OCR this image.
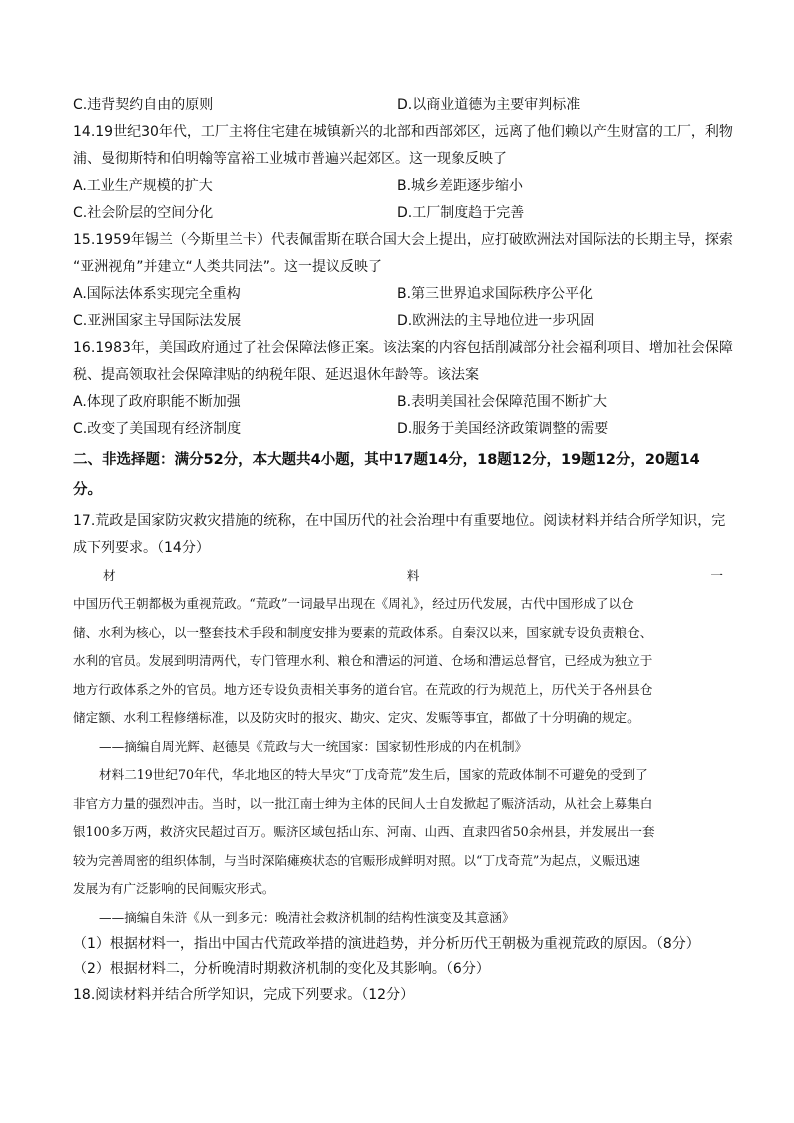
C.违背契约自由的原则	D.以商业道德为主要审判标准
14.19世纪30年代，工厂主将住宅建在城镇新兴的北部和西部郊区，远离了他们赖以产生财富的工厂，利物
浦、曼彻斯特和伯明翰等富裕工业城市普遍兴起郊区。这一现象反映了
A.工业生产规模的扩大	B.城乡差距逐步缩小
C.社会阶层的空间分化	D.工厂制度趋于完善
15.1959年锡兰（今斯里兰卡）代表佩雷斯在联合国大会上提出，应打破欧洲法对国际法的长期主导，探索
“亚洲视角”并建立“人类共同法”。这一提议反映了
A.国际法体系实现完全重构	B.第三世界追求国际秩序公平化
C.亚洲国家主导国际法发展	D.欧洲法的主导地位进一步巩固
16.1983年，美国政府通过了社会保障法修正案。该法案的内容包括削减部分社会福利项目、增加社会保障
税、提高领取社会保障津贴的纳税年限、延迟退休年龄等。该法案
A.体现了政府职能不断加强	B.表明美国社会保障范围不断扩大
C.改变了美国现有经济制度	D.服务于美国经济政策调整的需要
二、非选择题：满分52分，本大题共4小题，其中17题14分，18题12分，19题12分，20题14
分。
17.荒政是国家防灾救灾措施的统称，在中国历代的社会治理中有重要地位。阅读材料并结合所学知识，完
成下列要求。（14分）
材	料	一
中国历代王朝都极为重视荒政。“荒政”一词最早出现在《周礼》，经过历代发展，古代中国形成了以仓
储、水利为核心，以一整套技术手段和制度安排为要素的荒政体系。自秦汉以来，国家就专设负责粮仓、
水利的官员。发展到明清两代，专门管理水利、粮仓和漕运的河道、仓场和漕运总督官，已经成为独立于
地方行政体系之外的官员。地方还专设负责相关事务的道台官。在荒政的行为规范上，历代关于各州县仓
储定额、水利工程修缮标准，以及防灾时的报灾、勘灾、定灾、发赈等事宜，都做了十分明确的规定。
——摘编自周光辉、赵德昊《荒政与大一统国家：国家韧性形成的内在机制》
材料二19世纪70年代，华北地区的特大旱灾“丁戊奇荒”发生后，国家的荒政体制不可避免的受到了
非官方力量的强烈冲击。当时，以一批江南士绅为主体的民间人士自发掀起了赈济活动，从社会上募集白
银100多万两，救济灾民超过百万。赈济区域包括山东、河南、山西、直隶四省50余州县，并发展出一套
较为完善周密的组织体制，与当时深陷瘫痪状态的官赈形成鲜明对照。以“丁戊奇荒”为起点，义赈迅速
发展为有广泛影响的民间赈灾形式。
——摘编自朱浒《从一到多元：晚清社会救济机制的结构性演变及其意涵》
（1）根据材料一，指出中国古代荒政举措的演进趋势，并分析历代王朝极为重视荒政的原因。（8分）
（2）根据材料二，分析晚清时期救济机制的变化及其影响。（6分）
18.阅读材料并结合所学知识，完成下列要求。（12分）
